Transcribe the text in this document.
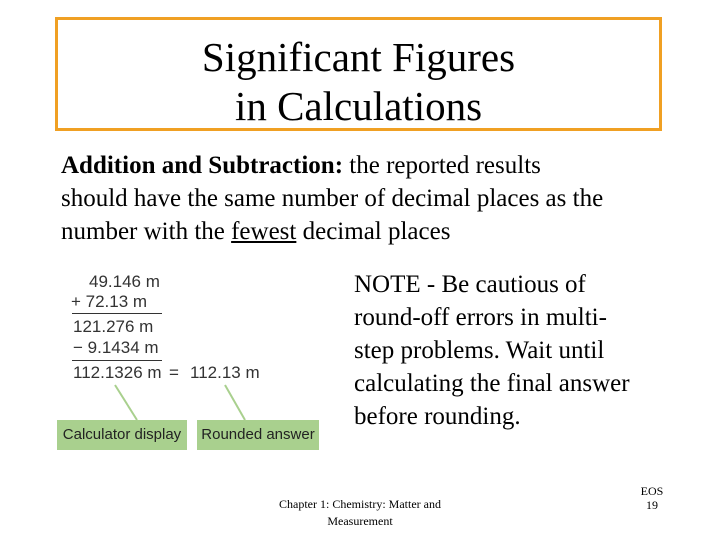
Significant Figures
in Calculations
Addition and Subtraction: the reported results
should have the same number of decimal places as the
number with the fewest decimal places
49.146 m
+ 72.13 m
121.276 m
− 9.1434 m
112.1326 m = 112.13 m
Calculator display	Rounded answer
NOTE - Be cautious of
round-off errors in multi-
step problems. Wait until
calculating the final answer
before rounding.
Chapter 1: Chemistry: Matter and
Measurement
EOS
19
